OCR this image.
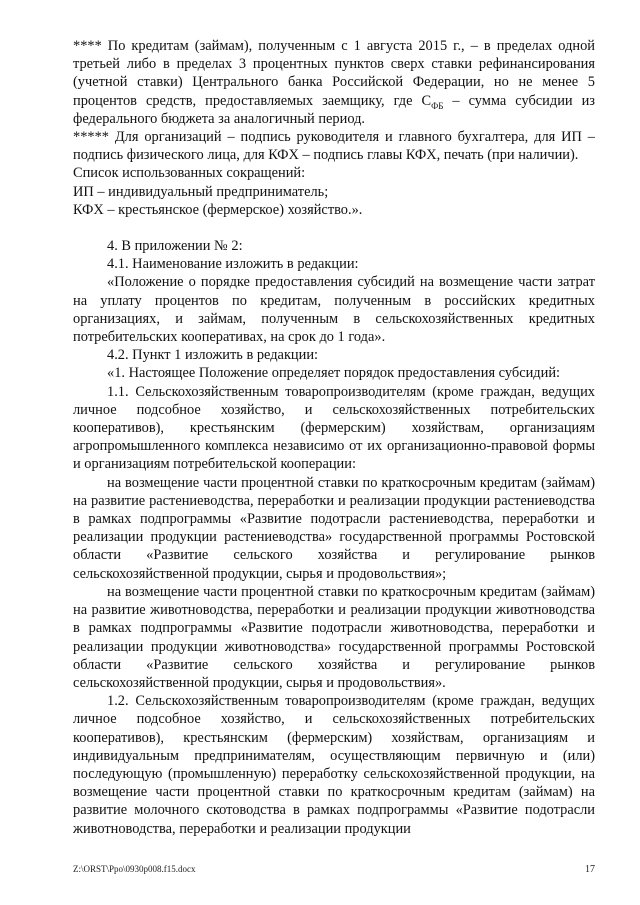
**** По кредитам (займам), полученным с 1 августа 2015 г., – в пределах одной третьей либо в пределах 3 процентных пунктов сверх ставки рефинансирования (учетной ставки) Центрального банка Российской Федерации, но не менее 5 процентов средств, предоставляемых заемщику, где $С_{ФБ}$ – сумма субсидии из федерального бюджета за аналогичный период.

***** Для организаций – подпись руководителя и главного бухгалтера, для ИП – подпись физического лица, для КФХ – подпись главы КФХ, печать (при наличии).

Список использованных сокращений:

ИП – индивидуальный предприниматель;

КФХ – крестьянское (фермерское) хозяйство.».

4. В приложении № 2:

4.1. Наименование изложить в редакции:

«Положение о порядке предоставления субсидий на возмещение части затрат на уплату процентов по кредитам, полученным в российских кредитных организациях, и займам, полученным в сельскохозяйственных кредитных потребительских кооперативах, на срок до 1 года».

4.2. Пункт 1 изложить в редакции:

«1. Настоящее Положение определяет порядок предоставления субсидий:

1.1. Сельскохозяйственным товаропроизводителям (кроме граждан, ведущих личное подсобное хозяйство, и сельскохозяйственных потребительских кооперативов), крестьянским (фермерским) хозяйствам, организациям агропромышленного комплекса независимо от их организационно-правовой формы и организациям потребительской кооперации:

на возмещение части процентной ставки по краткосрочным кредитам (займам) на развитие растениеводства, переработки и реализации продукции растениеводства в рамках подпрограммы «Развитие подотрасли растениеводства, переработки и реализации продукции растениеводства» государственной программы Ростовской области «Развитие сельского хозяйства и регулирование рынков сельскохозяйственной продукции, сырья и продовольствия»;

на возмещение части процентной ставки по краткосрочным кредитам (займам) на развитие животноводства, переработки и реализации продукции животноводства в рамках подпрограммы «Развитие подотрасли животноводства, переработки и реализации продукции животноводства» государственной программы Ростовской области «Развитие сельского хозяйства и регулирование рынков сельскохозяйственной продукции, сырья и продовольствия».

1.2. Сельскохозяйственным товаропроизводителям (кроме граждан, ведущих личное подсобное хозяйство, и сельскохозяйственных потребительских кооперативов), крестьянским (фермерским) хозяйствам, организациям и индивидуальным предпринимателям, осуществляющим первичную и (или) последующую (промышленную) переработку сельскохозяйственной продукции, на возмещение части процентной ставки по краткосрочным кредитам (займам) на развитие молочного скотоводства в рамках подпрограммы «Развитие подотрасли животноводства, переработки и реализации продукции

Z:\ORST\Ppo\0930p008.f15.docx	17
